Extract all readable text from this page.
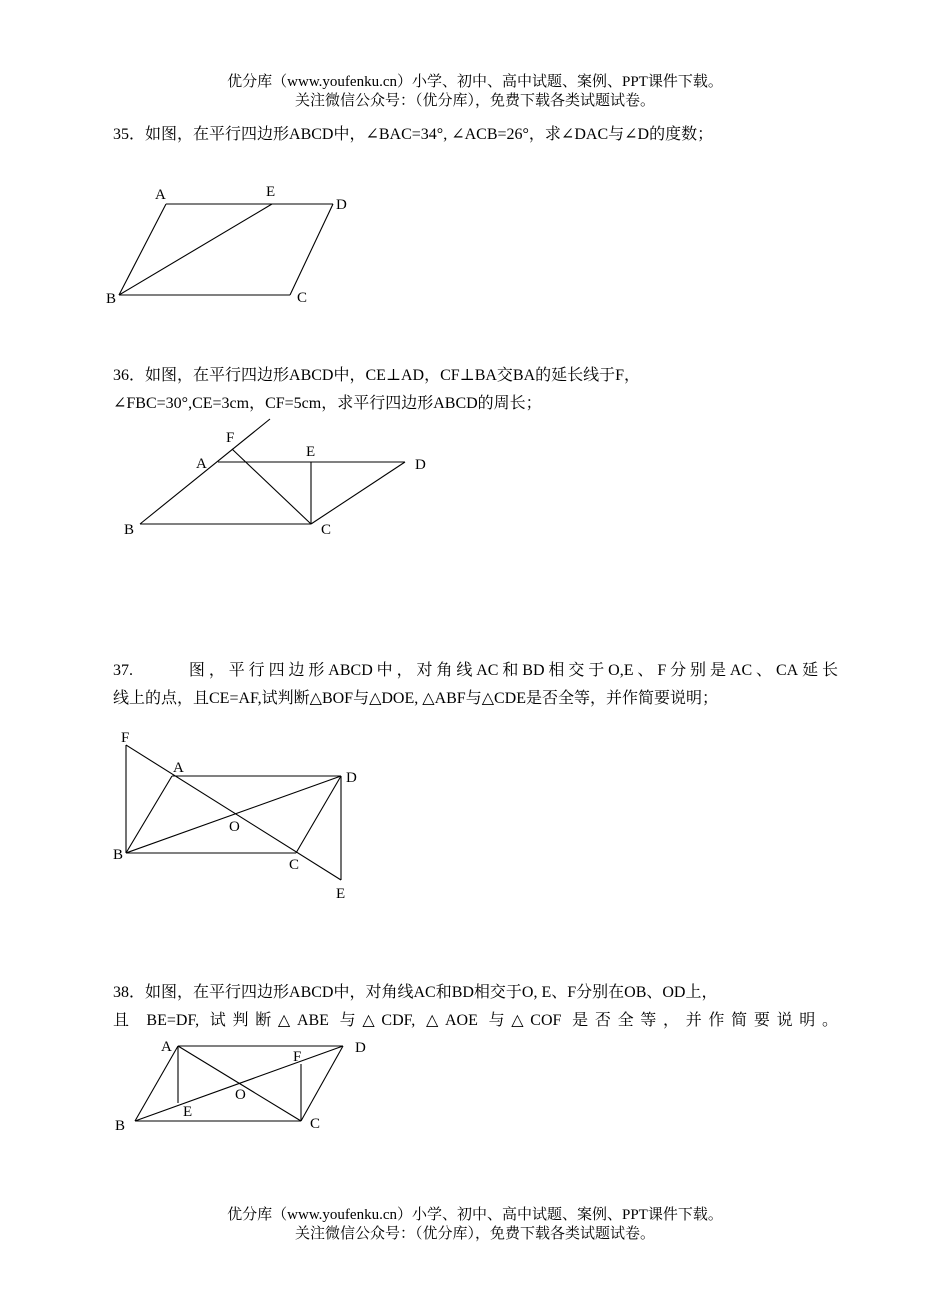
优分库（www.youfenku.cn）小学、初中、高中试题、案例、PPT课件下载。
关注微信公众号：（优分库），免费下载各类试题试卷。

35．如图，在平行四边形ABCD中，∠BAC=34°, ∠ACB=26°，求∠DAC与∠D的度数；

A	E
D
B	C

36．如图，在平行四边形ABCD中，CE⊥AD，CF⊥BA交BA的延长线于F，

∠FBC=30°,CE=3cm，CF=5cm，求平行四边形ABCD的周长；

F
A
E
D
B	C

37.	图，平行四边形ABCD中，对角线AC和BD相交于O,E、F分别是AC、CA延长

线上的点，且CE=AF,试判断△BOF与△DOE, △ABF与△CDE是否全等，并作简要说明；

F
A
D
O
B
C
E

38．如图，在平行四边形ABCD中，对角线AC和BD相交于O, E、F分别在OB、OD上，

且 BE=DF, 试判断△ABE 与△CDF, △AOE 与△COF 是否全等，并作简要说明。

A	D
F
O
E
B	C
优分库（www.youfenku.cn）小学、初中、高中试题、案例、PPT课件下载。
关注微信公众号：（优分库），免费下载各类试题试卷。
